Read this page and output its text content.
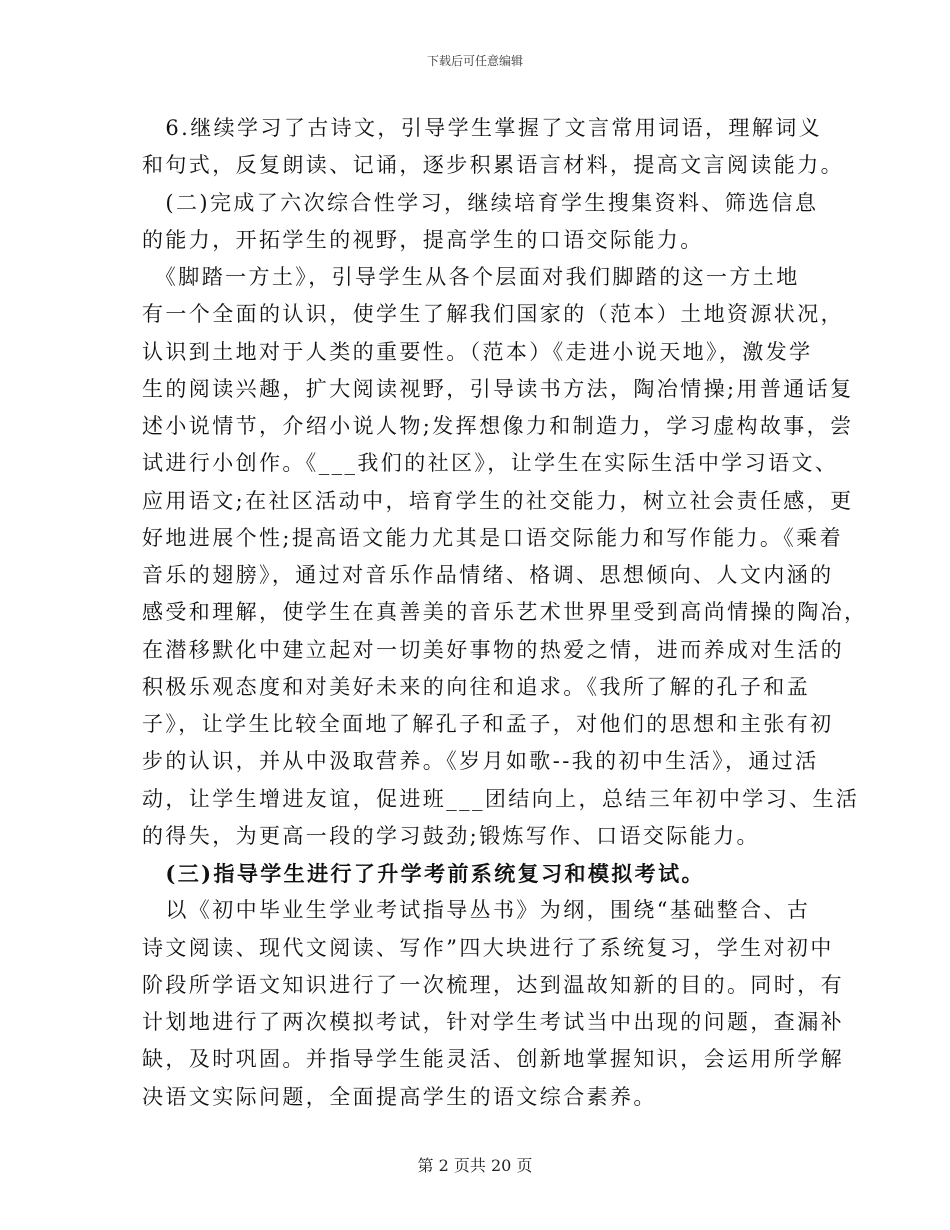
下载后可任意编辑
　6.继续学习了古诗文，引导学生掌握了文言常用词语，理解词义
和句式，反复朗读、记诵，逐步积累语言材料，提高文言阅读能力。
　(二)完成了六次综合性学习，继续培育学生搜集资料、筛选信息
的能力，开拓学生的视野，提高学生的口语交际能力。
　《脚踏一方土》，引导学生从各个层面对我们脚踏的这一方土地
有一个全面的认识，使学生了解我们国家的（范本）土地资源状况，
认识到土地对于人类的重要性。（范本）《走进小说天地》，激发学
生的阅读兴趣，扩大阅读视野，引导读书方法，陶冶情操;用普通话复
述小说情节，介绍小说人物;发挥想像力和制造力，学习虚构故事，尝
试进行小创作。《___我们的社区》，让学生在实际生活中学习语文、
应用语文;在社区活动中，培育学生的社交能力，树立社会责任感，更
好地进展个性;提高语文能力尤其是口语交际能力和写作能力。《乘着
音乐的翅膀》，通过对音乐作品情绪、格调、思想倾向、人文内涵的
感受和理解，使学生在真善美的音乐艺术世界里受到高尚情操的陶冶，
在潜移默化中建立起对一切美好事物的热爱之情，进而养成对生活的
积极乐观态度和对美好未来的向往和追求。《我所了解的孔子和孟
子》，让学生比较全面地了解孔子和孟子，对他们的思想和主张有初
步的认识，并从中汲取营养。《岁月如歌--我的初中生活》，通过活
动，让学生增进友谊，促进班___团结向上，总结三年初中学习、生活
的得失，为更高一段的学习鼓劲;锻炼写作、口语交际能力。
　(三)指导学生进行了升学考前系统复习和模拟考试。
　以《初中毕业生学业考试指导丛书》为纲，围绕“基础整合、古
诗文阅读、现代文阅读、写作”四大块进行了系统复习，学生对初中
阶段所学语文知识进行了一次梳理，达到温故知新的目的。同时，有
计划地进行了两次模拟考试，针对学生考试当中出现的问题，查漏补
缺，及时巩固。并指导学生能灵活、创新地掌握知识，会运用所学解
决语文实际问题，全面提高学生的语文综合素养。
第 2 页共 20 页
